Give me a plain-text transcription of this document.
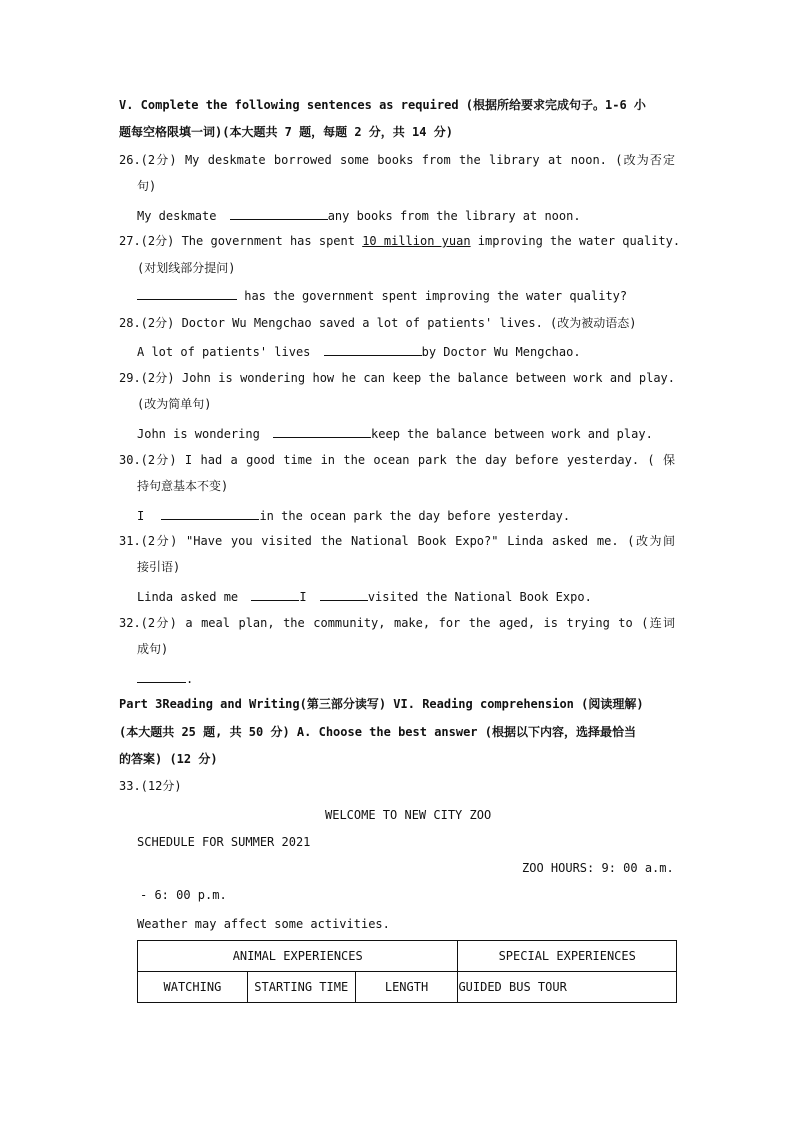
V. Complete the following sentences as required (根据所给要求完成句子。1-6 小
题每空格限填一词)(本大题共 7 题，每题 2 分，共 14 分)
26.(2分) My deskmate borrowed some books from the library at noon. (改为否定
句)
My deskmate	any books from the library at noon.
27.(2分) The government has spent 10 million yuan improving the water quality.
(对划线部分提问)
has the government spent improving the water quality?
28.(2分) Doctor Wu Mengchao saved a lot of patients' lives. (改为被动语态)
A lot of patients' lives	by Doctor Wu Mengchao.
29.(2分) John is wondering how he can keep the balance between work and play.
(改为简单句)
John is wondering	keep the balance between work and play.
30.(2分) I had a good time in the ocean park the day before yesterday. ( 保
持句意基本不变)
I	in the ocean park the day before yesterday.
31.(2分) "Have you visited the National Book Expo?" Linda asked me. (改为间
接引语)
Linda asked me	I	visited the National Book Expo.
32.(2分) a meal plan, the community, make, for the aged, is trying to (连词
成句)
.
Part 3Reading and Writing(第三部分读写) VI. Reading comprehension (阅读理解)
(本大题共 25 题, 共 50 分) A. Choose the best answer (根据以下内容，选择最恰当
的答案) (12 分)
33.(12分)
WELCOME TO NEW CITY ZOO
SCHEDULE FOR SUMMER 2021
ZOO HOURS: 9: 00 a.m.
- 6: 00 p.m.
Weather may affect some activities.
ANIMAL EXPERIENCES			SPECIAL EXPERIENCES
WATCHING	STARTING TIME	LENGTH	GUIDED BUS TOUR
